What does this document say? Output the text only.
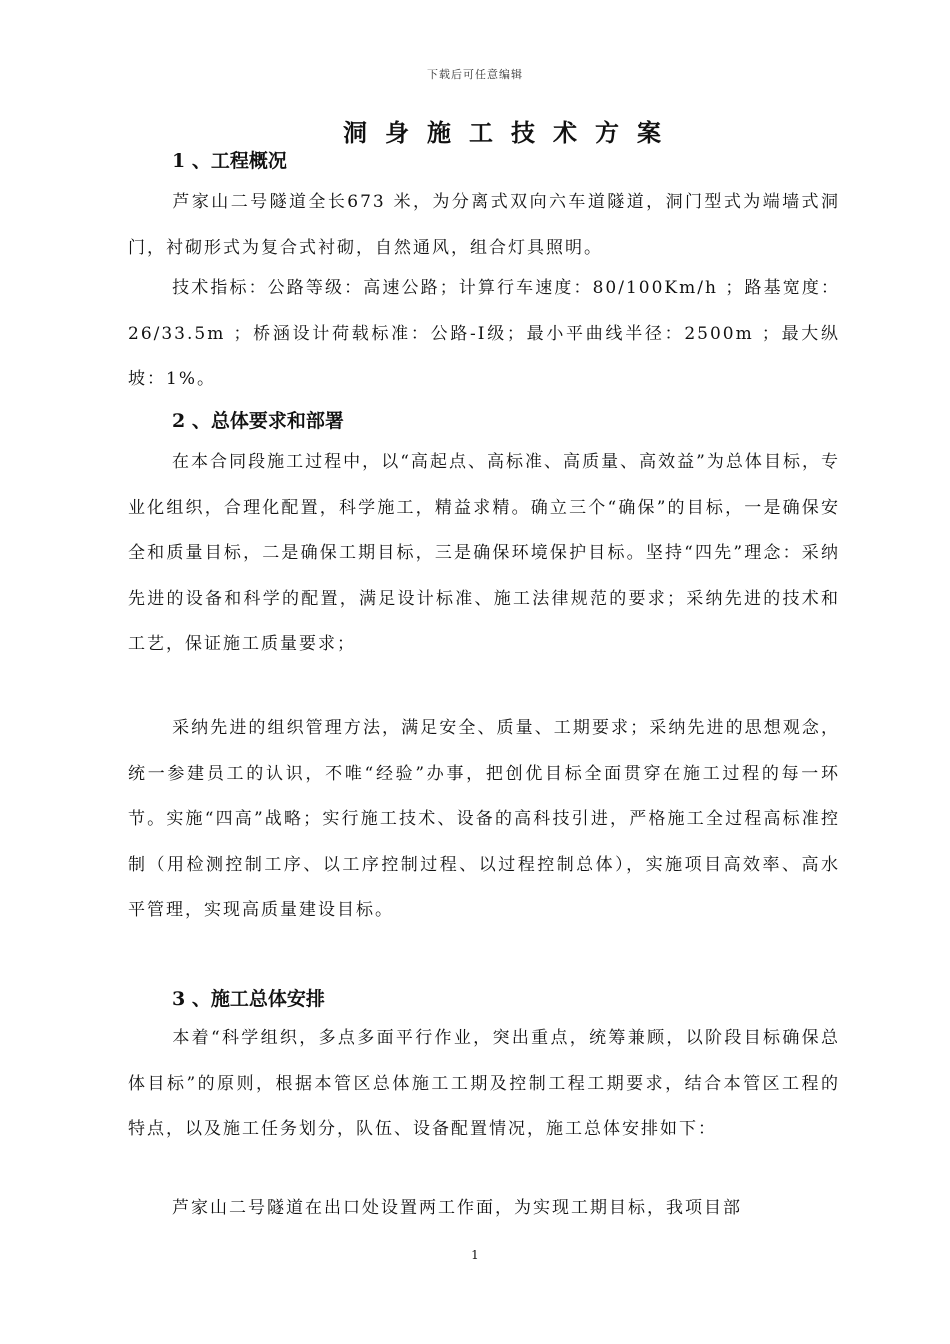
下载后可任意编辑
洞身施工技术方案
1 、工程概况
芦家山二号隧道全长673 米，为分离式双向六车道隧道，洞门型式为端墙式洞门，衬砌形式为复合式衬砌，自然通风，组合灯具照明。
技术指标：公路等级：高速公路；计算行车速度：80/100Km/h ；路基宽度：26/33.5m ；桥涵设计荷载标准：公路-I级；最小平曲线半径：2500m ；最大纵坡：1%。
2 、总体要求和部署
在本合同段施工过程中，以“高起点、高标准、高质量、高效益”为总体目标，专业化组织，合理化配置，科学施工，精益求精。确立三个“确保”的目标，一是确保安全和质量目标，二是确保工期目标，三是确保环境保护目标。坚持“四先”理念：采纳先进的设备和科学的配置，满足设计标准、施工法律规范的要求；采纳先进的技术和工艺，保证施工质量要求；
采纳先进的组织管理方法，满足安全、质量、工期要求；采纳先进的思想观念，统一参建员工的认识，不唯“经验”办事，把创优目标全面贯穿在施工过程的每一环节。实施“四高”战略；实行施工技术、设备的高科技引进，严格施工全过程高标准控制（用检测控制工序、以工序控制过程、以过程控制总体），实施项目高效率、高水平管理，实现高质量建设目标。
3 、施工总体安排
本着“科学组织，多点多面平行作业，突出重点，统筹兼顾，以阶段目标确保总体目标”的原则，根据本管区总体施工工期及控制工程工期要求，结合本管区工程的特点，以及施工任务划分，队伍、设备配置情况，施工总体安排如下：
芦家山二号隧道在出口处设置两工作面，为实现工期目标，我项目部
1
